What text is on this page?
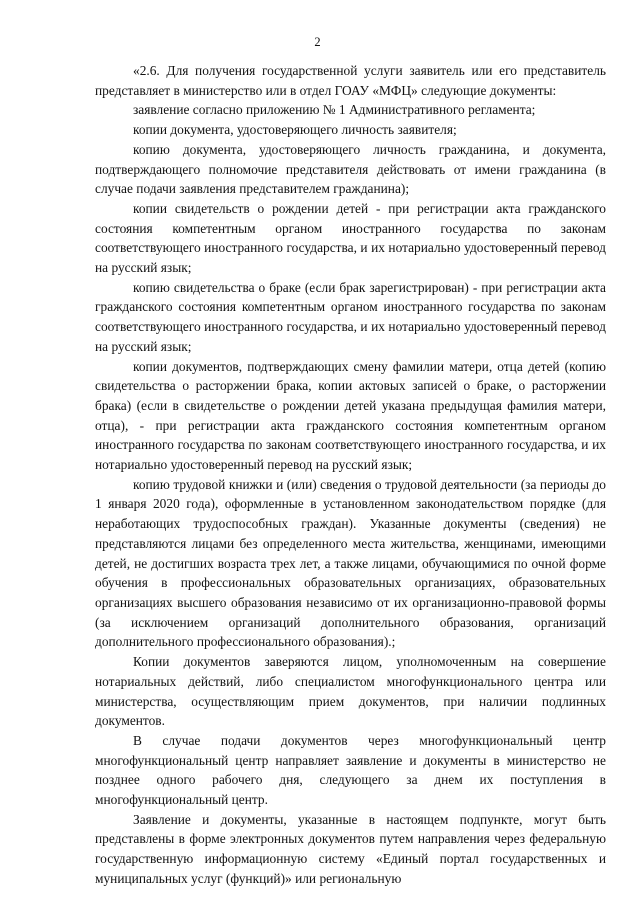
2

«2.6. Для получения государственной услуги заявитель или его представитель представляет в министерство или в отдел ГОАУ «МФЦ» следующие документы:

заявление согласно приложению № 1 Административного регламента;

копии документа, удостоверяющего личность заявителя;

копию документа, удостоверяющего личность гражданина, и документа, подтверждающего полномочие представителя действовать от имени гражданина (в случае подачи заявления представителем гражданина);

копии свидетельств о рождении детей - при регистрации акта гражданского состояния компетентным органом иностранного государства по законам соответствующего иностранного государства, и их нотариально удостоверенный перевод на русский язык;

копию свидетельства о браке (если брак зарегистрирован) - при регистрации акта гражданского состояния компетентным органом иностранного государства по законам соответствующего иностранного государства, и их нотариально удостоверенный перевод на русский язык;

копии документов, подтверждающих смену фамилии матери, отца детей (копию свидетельства о расторжении брака, копии актовых записей о браке, о расторжении брака) (если в свидетельстве о рождении детей указана предыдущая фамилия матери, отца), - при регистрации акта гражданского состояния компетентным органом иностранного государства по законам соответствующего иностранного государства, и их нотариально удостоверенный перевод на русский язык;

копию трудовой книжки и (или) сведения о трудовой деятельности (за периоды до 1 января 2020 года), оформленные в установленном законодательством порядке (для неработающих трудоспособных граждан). Указанные документы (сведения) не представляются лицами без определенного места жительства, женщинами, имеющими детей, не достигших возраста трех лет, а также лицами, обучающимися по очной форме обучения в профессиональных образовательных организациях, образовательных организациях высшего образования независимо от их организационно-правовой формы (за исключением организаций дополнительного образования, организаций дополнительного профессионального образования).;

Копии документов заверяются лицом, уполномоченным на совершение нотариальных действий, либо специалистом многофункционального центра или министерства, осуществляющим прием документов, при наличии подлинных документов.

В случае подачи документов через многофункциональный центр многофункциональный центр направляет заявление и документы в министерство не позднее одного рабочего дня, следующего за днем их поступления в многофункциональный центр.

Заявление и документы, указанные в настоящем подпункте, могут быть представлены в форме электронных документов путем направления через федеральную государственную информационную систему «Единый портал государственных и муниципальных услуг (функций)» или региональную
